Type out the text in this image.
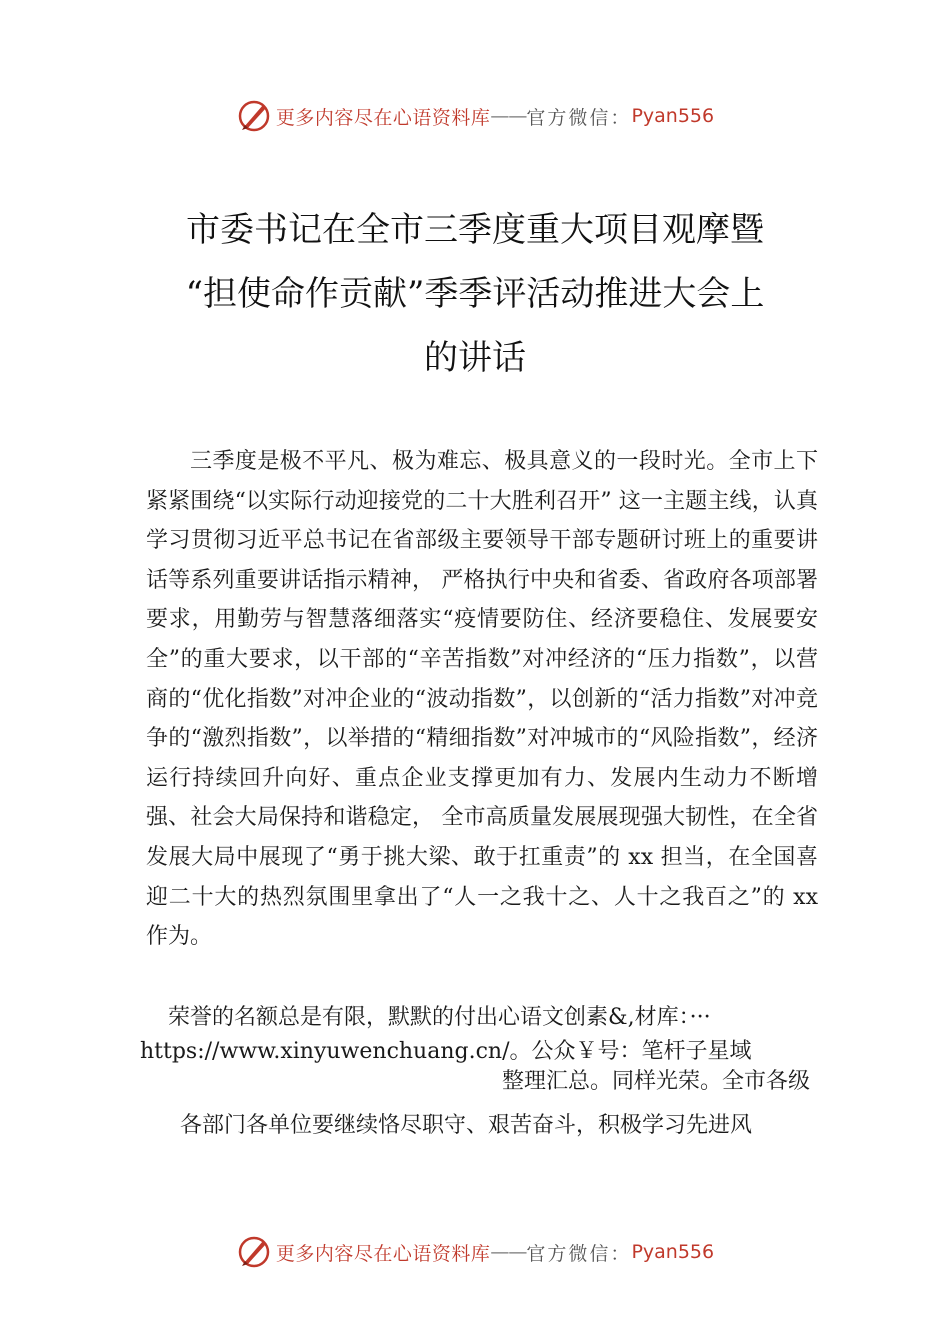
更多内容尽在心语资料库 —— 官方微信： Pyan556
市委书记在全市三季度重大项目观摩暨
“担使命作贡献”季季评活动推进大会上
的讲话
三季度是极不平凡、极为难忘、极具意义的一段时光。全市上下紧紧围绕“以实际行动迎接党的二十大胜利召开” 这一主题主线，认真学习贯彻习近平总书记在省部级主要领导干部专题研讨班上的重要讲话等系列重要讲话指示精神， 严格执行中央和省委、省政府各项部署要求，用勤劳与智慧落细落实“疫情要防住、经济要稳住、发展要安全”的重大要求，以干部的“辛苦指数”对冲经济的“压力指数”，以营商的“优化指数”对冲企业的“波动指数”，以创新的“活力指数”对冲竞争的“激烈指数”，以举措的“精细指数”对冲城市的“风险指数”，经济运行持续回升向好、重点企业支撑更加有力、发展内生动力不断增强、社会大局保持和谐稳定， 全市高质量发展展现强大韧性，在全省发展大局中展现了“勇于挑大梁、敢于扛重责”的 xx 担当，在全国喜迎二十大的热烈氛围里拿出了“人一之我十之、人十之我百之”的 xx 作为。
荣誉的名额总是有限，默默的付出心语文创素&,材库：···
https://www.xinyuwenchuang.cn/。公众￥号：笔杆子星域
整理汇总。同样光荣。全市各级
各部门各单位要继续恪尽职守、艰苦奋斗，积极学习先进风
更多内容尽在心语资料库 —— 官方微信： Pyan556
